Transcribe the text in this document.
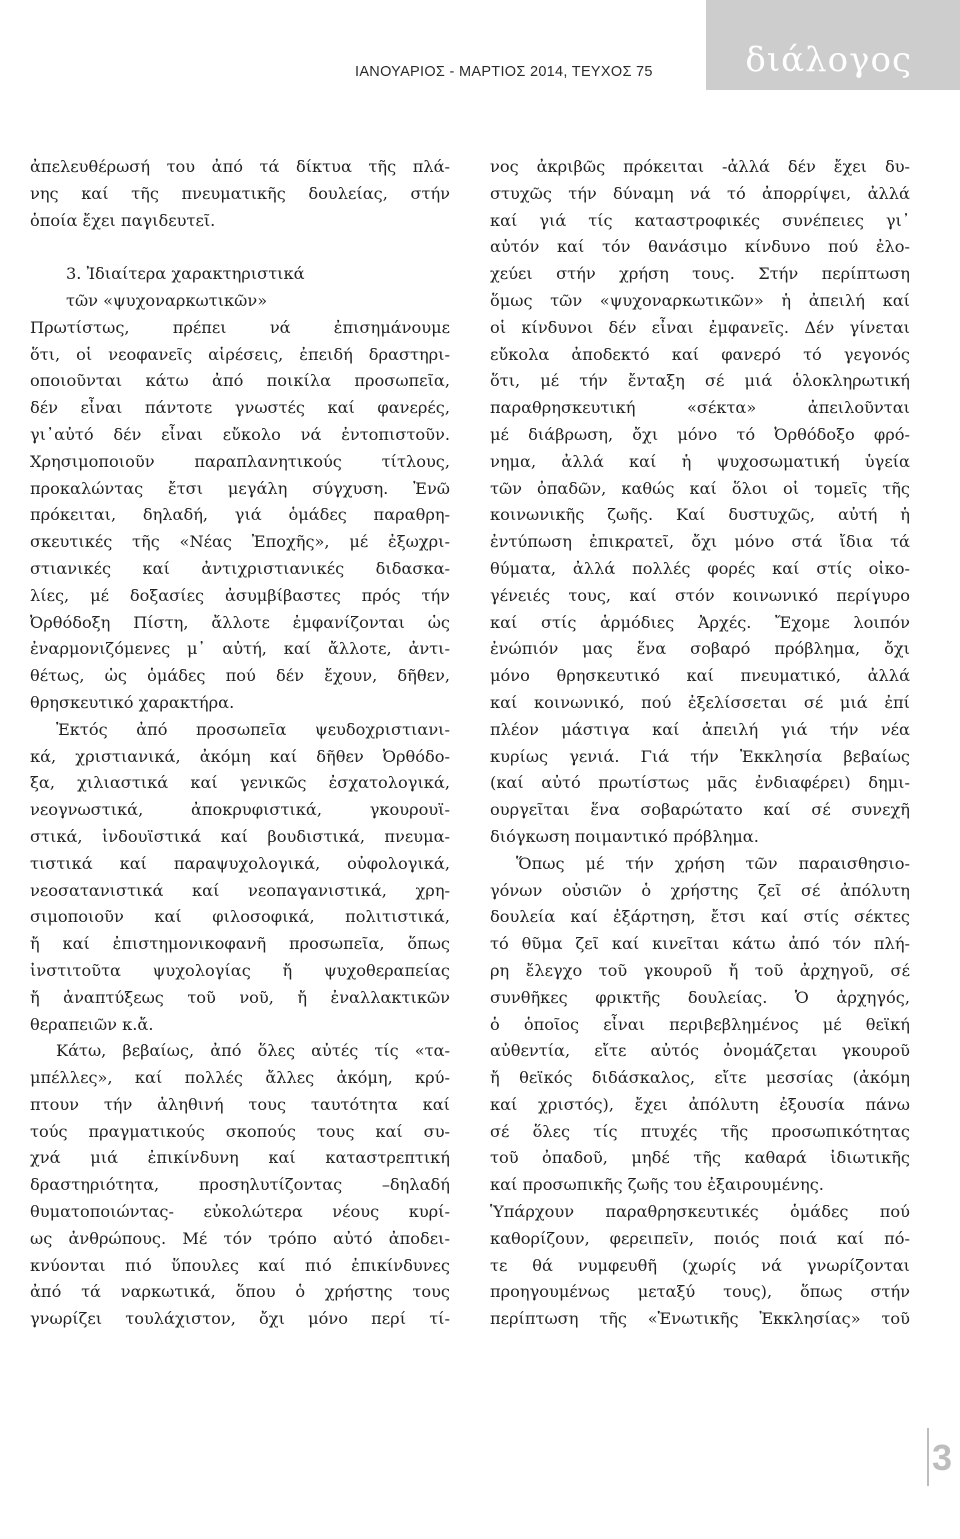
διάλογος
ΙΑΝΟΥΑΡΙΟΣ - ΜΑΡΤΙΟΣ 2014, ΤΕΥΧΟΣ 75
ἀπελευθέρωσή του ἀπό τά δίκτυα τῆς πλά-
νης καί τῆς πνευματικῆς δουλείας, στήν
ὁποία ἔχει παγιδευτεῖ.
3. Ἰδιαίτερα χαρακτηριστικά
τῶν «ψυχοναρκωτικῶν»
Πρωτίστως, πρέπει νά ἐπισημάνουμε
ὅτι, οἱ νεοφανεῖς αἱρέσεις, ἐπειδή δραστηρι-
οποιοῦνται κάτω ἀπό ποικίλα προσωπεῖα,
δέν εἶναι πάντοτε γνωστές καί φανερές,
γι᾽αὐτό δέν εἶναι εὔκολο νά ἐντοπιστοῦν.
Χρησιμοποιοῦν παραπλανητικούς τίτλους,
προκαλώντας ἔτσι μεγάλη σύγχυση. Ἐνῶ
πρόκειται, δηλαδή, γιά ὁμάδες παραθρη-
σκευτικές τῆς «Νέας Ἐποχῆς», μέ ἐξωχρι-
στιανικές καί ἀντιχριστιανικές διδασκα-
λίες, μέ δοξασίες ἀσυμβίβαστες πρός τήν
Ὀρθόδοξη Πίστη, ἄλλοτε ἐμφανίζονται ὡς
ἐναρμονιζόμενες μ᾽ αὐτή, καί ἄλλοτε, ἀντι-
θέτως, ὡς ὁμάδες πού δέν ἔχουν, δῆθεν,
θρησκευτικό χαρακτήρα.
Ἐκτός ἀπό προσωπεῖα ψευδοχριστιανι-
κά, χριστιανικά, ἀκόμη καί δῆθεν Ὀρθόδο-
ξα, χιλιαστικά καί γενικῶς ἐσχατολογικά,
νεογνωστικά, ἀποκρυφιστικά, γκουρουϊ-
στικά, ἰνδουϊστικά καί βουδιστικά, πνευμα-
τιστικά καί παραψυχολογικά, οὐφολογικά,
νεοσατανιστικά καί νεοπαγανιστικά, χρη-
σιμοποιοῦν καί φιλοσοφικά, πολιτιστικά,
ἤ καί ἐπιστημονικοφανῆ προσωπεῖα, ὅπως
ἰνστιτοῦτα ψυχολογίας ἤ ψυχοθεραπείας
ἤ ἀναπτύξεως τοῦ νοῦ, ἤ ἐναλλακτικῶν
θεραπειῶν κ.ἄ.
Κάτω, βεβαίως, ἀπό ὅλες αὐτές τίς «τα-
μπέλλες», καί πολλές ἄλλες ἀκόμη, κρύ-
πτουν τήν ἀληθινή τους ταυτότητα καί
τούς πραγματικούς σκοπούς τους καί συ-
χνά μιά ἐπικίνδυνη καί καταστρεπτική
δραστηριότητα, προσηλυτίζοντας –δηλαδή
θυματοποιώντας- εὐκολώτερα νέους κυρί-
ως ἀνθρώπους. Μέ τόν τρόπο αὐτό ἀποδει-
κνύονται πιό ὕπουλες καί πιό ἐπικίνδυνες
ἀπό τά ναρκωτικά, ὅπου ὁ χρήστης τους
γνωρίζει τουλάχιστον, ὄχι μόνο περί τί-
νος ἀκριβῶς πρόκειται -ἀλλά δέν ἔχει δυ-
στυχῶς τήν δύναμη νά τό ἀπορρίψει, ἀλλά
καί γιά τίς καταστροφικές συνέπειες γι᾽
αὐτόν καί τόν θανάσιμο κίνδυνο πού ἐλο-
χεύει στήν χρήση τους. Στήν περίπτωση
ὅμως τῶν «ψυχοναρκωτικῶν» ἡ ἀπειλή καί
οἱ κίνδυνοι δέν εἶναι ἐμφανεῖς. Δέν γίνεται
εὔκολα ἀποδεκτό καί φανερό τό γεγονός
ὅτι, μέ τήν ἔνταξη σέ μιά ὁλοκληρωτική
παραθρησκευτική «σέκτα» ἀπειλοῦνται
μέ διάβρωση, ὄχι μόνο τό Ὀρθόδοξο φρό-
νημα, ἀλλά καί ἡ ψυχοσωματική ὑγεία
τῶν ὀπαδῶν, καθώς καί ὅλοι οἱ τομεῖς τῆς
κοινωνικῆς ζωῆς. Καί δυστυχῶς, αὐτή ἡ
ἐντύπωση ἐπικρατεῖ, ὄχι μόνο στά ἴδια τά
θύματα, ἀλλά πολλές φορές καί στίς οἰκο-
γένειές τους, καί στόν κοινωνικό περίγυρο
καί στίς ἁρμόδιες Ἀρχές. Ἔχομε λοιπόν
ἐνώπιόν μας ἕνα σοβαρό πρόβλημα, ὄχι
μόνο θρησκευτικό καί πνευματικό, ἀλλά
καί κοινωνικό, πού ἐξελίσσεται σέ μιά ἐπί
πλέον μάστιγα καί ἀπειλή γιά τήν νέα
κυρίως γενιά. Γιά τήν Ἐκκλησία βεβαίως
(καί αὐτό πρωτίστως μᾶς ἐνδιαφέρει) δημι-
ουργεῖται ἕνα σοβαρώτατο καί σέ συνεχῆ
διόγκωση ποιμαντικό πρόβλημα.
Ὅπως μέ τήν χρήση τῶν παραισθησιο-
γόνων οὐσιῶν ὁ χρήστης ζεῖ σέ ἀπόλυτη
δουλεία καί ἐξάρτηση, ἔτσι καί στίς σέκτες
τό θῦμα ζεῖ καί κινεῖται κάτω ἀπό τόν πλή-
ρη ἔλεγχο τοῦ γκουροῦ ἤ τοῦ ἀρχηγοῦ, σέ
συνθῆκες φρικτῆς δουλείας. Ὁ ἀρχηγός,
ὁ ὁποῖος εἶναι περιβεβλημένος μέ θεϊκή
αὐθεντία, εἴτε αὐτός ὀνομάζεται γκουροῦ
ἤ θεϊκός διδάσκαλος, εἴτε μεσσίας (ἀκόμη
καί χριστός), ἔχει ἀπόλυτη ἐξουσία πάνω
σέ ὅλες τίς πτυχές τῆς προσωπικότητας
τοῦ ὀπαδοῦ, μηδέ τῆς καθαρά ἰδιωτικῆς
καί προσωπικῆς ζωῆς του ἐξαιρουμένης.
Ὑπάρχουν παραθρησκευτικές ὁμάδες πού
καθορίζουν, φερειπεῖν, ποιός ποιά καί πό-
τε θά νυμφευθῆ (χωρίς νά γνωρίζονται
προηγουμένως μεταξύ τους), ὅπως στήν
περίπτωση τῆς «Ἑνωτικῆς Ἐκκλησίας» τοῦ
3
